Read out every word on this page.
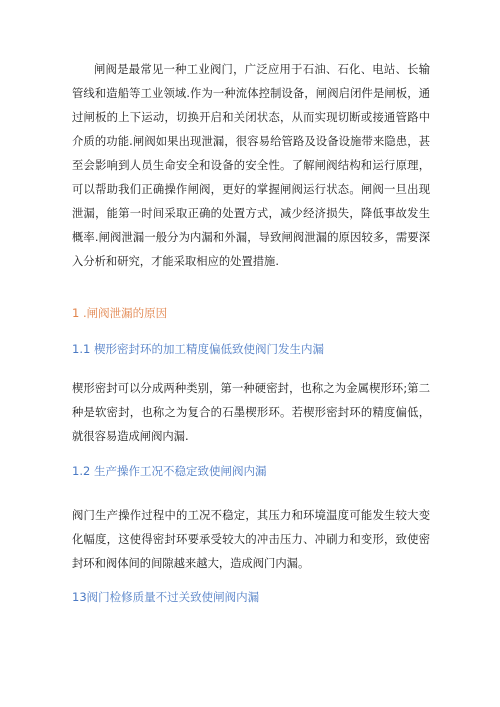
闸阀是最常见一种工业阀门，广泛应用于石油、石化、电站、长输管线和造船等工业领域.作为一种流体控制设备，闸阀启闭件是闸板，通过闸板的上下运动，切换开启和关闭状态，从而实现切断或接通管路中介质的功能.闸阀如果出现泄漏，很容易给管路及设备设施带来隐患，甚至会影响到人员生命安全和设备的安全性。了解闸阀结构和运行原理，可以帮助我们正确操作闸阀，更好的掌握闸阀运行状态。闸阀一旦出现泄漏，能第一时间采取正确的处置方式，减少经济损失，降低事故发生概率.闸阀泄漏一般分为内漏和外漏，导致闸阀泄漏的原因较多，需要深入分析和研究，才能采取相应的处置措施.

1 .闸阀泄漏的原因

1.1 楔形密封环的加工精度偏低致使阀门发生内漏

楔形密封可以分成两种类别，第一种硬密封，也称之为金属楔形环;第二种是软密封，也称之为复合的石墨楔形环。若楔形密封环的精度偏低，就很容易造成闸阀内漏.

1.2 生产操作工况不稳定致使闸阀内漏

阀门生产操作过程中的工况不稳定，其压力和环境温度可能发生较大变化幅度，这使得密封环要承受较大的冲击压力、冲刷力和变形，致使密封环和阀体间的间隙越来越大，造成阀门内漏。

13阀门检修质量不过关致使闸阀内漏
